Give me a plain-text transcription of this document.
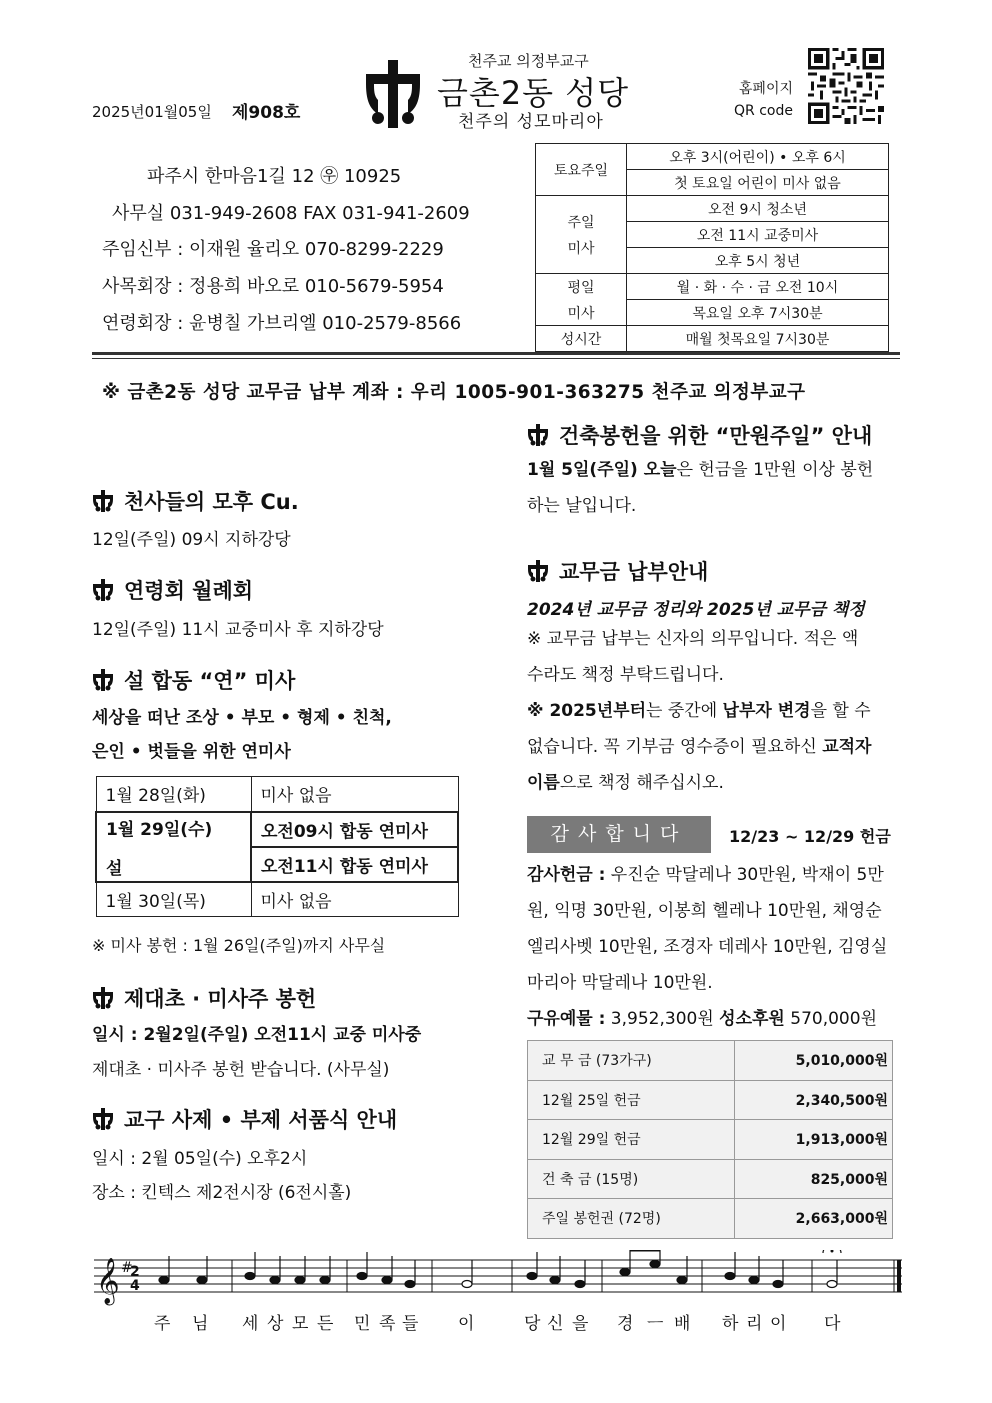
천주교 의정부교구
금촌2동 성당
천주의 성모마리아
2025년01월05일 제908호
홈페이지
QR code
파주시 한마음1길 12 ㉾ 10925
사무실 031-949-2608 FAX 031-941-2609
주임신부 : 이재원 율리오 070-8299-2229
사목회장 : 정용희 바오로 010-5679-5954
연령회장 : 윤병칠 가브리엘 010-2579-8566
토요주일	오후 3시(어린이) • 오후 6시
	첫 토요일 어린이 미사 없음

주일
미사	오전 9시 청소년
	오전 11시 교중미사
	오후 5시 청년

평일
미사	월 · 화 · 수 · 금 오전 10시
	목요일 오후 7시30분
성시간	매월 첫목요일 7시30분
※ 금촌2동 성당 교무금 납부 계좌 : 우리 1005-901-363275 천주교 의정부교구
천사들의 모후 Cu.
12일(주일) 09시 지하강당
연령회 월례회
12일(주일) 11시 교중미사 후 지하강당
설 합동 “연” 미사
세상을 떠난 조상 • 부모 • 형제 • 친척,
은인 • 벗들을 위한 연미사
1월 28일(화)	미사 없음

1월 29일(수)
설	오전09시 합동 연미사
	오전11시 합동 연미사
1월 30일(목)	미사 없음
※ 미사 봉헌 : 1월 26일(주일)까지 사무실
제대초 · 미사주 봉헌
일시 : 2월2일(주일) 오전11시 교중 미사중
제대초 · 미사주 봉헌 받습니다. (사무실)
교구 사제 • 부제 서품식 안내
일시 : 2월 05일(수) 오후2시
장소 : 킨텍스 제2전시장 (6전시홀)
건축봉헌을 위한 “만원주일” 안내
1월 5일(주일) 오늘은 헌금을 1만원 이상 봉헌
하는 날입니다.
교무금 납부안내
2024년 교무금 정리와 2025년 교무금 책정
※ 교무금 납부는 신자의 의무입니다. 적은 액
수라도 책정 부탁드립니다.
※ 2025년부터는 중간에 납부자 변경을 할 수
없습니다. 꼭 기부금 영수증이 필요하신 교적자
이름으로 책정 해주십시오.
감사합니다	12/23 ~ 12/29 헌금
감사헌금 : 우진순 막달레나 30만원, 박재이 5만
원, 익명 30만원, 이봉희 헬레나 10만원, 채영순
엘리사벳 10만원, 조경자 데레사 10만원, 김영실
마리아 막달레나 10만원.
구유예물 : 3,952,300원 성소후원 570,000원
교 무 금 (73가구)	5,010,000원
12월 25일 헌금	2,340,500원
12월 29일 헌금	1,913,000원
건 축 금 (15명)	825,000원
주일 봉헌권 (72명)	2,663,000원
𝄞 #
2
4
주 님 세 상 모 든 민 족 들 이	당 신 을 경 ㅡ 배 하 리 이 다
